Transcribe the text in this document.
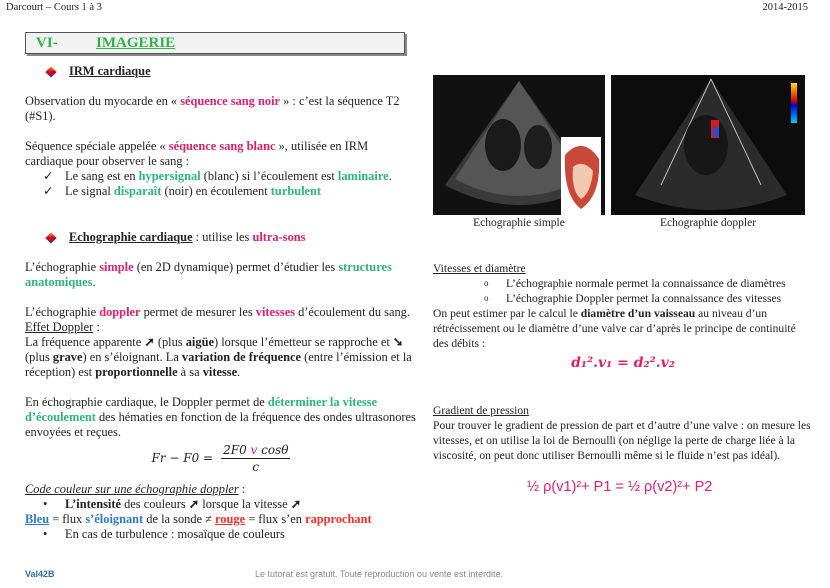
Darcourt – Cours 1 à 3	2014-2015
VI-	IMAGERIE
IRM cardiaque
Observation du myocarde en « séquence sang noir » : c’est la séquence T2 (#S1).
Séquence spéciale appelée « séquence sang blanc », utilisée en IRM cardiaque pour observer le sang :
✓ Le sang est en hypersignal (blanc) si l’écoulement est laminaire.
✓ Le signal disparaît (noir) en écoulement turbulent
Echographie cardiaque : utilise les ultra-sons
L’échographie simple (en 2D dynamique) permet d’étudier les structures anatomiques.
L’échographie doppler permet de mesurer les vitesses d’écoulement du sang.
Effet Doppler :
La fréquence apparente ➚ (plus aigüe) lorsque l’émetteur se rapproche et ➘ (plus grave) en s’éloignant. La variation de fréquence (entre l’émission et la réception) est proportionnelle à sa vitesse.
En échographie cardiaque, le Doppler permet de déterminer la vitesse d’écoulement des hématies en fonction de la fréquence des ondes ultrasonores envoyées et reçues.
$Fr - F0 = \frac{\text{2F0 v cosθ}}{c}$
Code couleur sur une échographie doppler :
• L’intensité des couleurs ➚ lorsque la vitesse ➚
Bleu = flux s’éloignant de la sonde ≠ rouge = flux s’en rapprochant
• En cas de turbulence : mosaïque de couleurs
Echographie simple	Echographie doppler
Vitesses et diamètre
o L’échographie normale permet la connaissance de diamètres
o L’échographie Doppler permet la connaissance des vitesses
On peut estimer par le calcul le diamètre d’un vaisseau au niveau d’un rétrécissement ou le diamètre d’une valve car d’après le principe de continuité des débits :
d₁².v₁ = d₂².v₂
Gradient de pression
Pour trouver le gradient de pression de part et d’autre d’une valve : on mesure les vitesses, et on utilise la loi de Bernoulli (on néglige la perte de charge liée à la viscosité, on peut donc utiliser Bernoulli même si le fluide n’est pas idéal).
½ ρ(v1)²+ P1 = ½ ρ(v2)²+ P2
Val42B	Le tutorat est gratuit. Toute reproduction ou vente est interdite.
